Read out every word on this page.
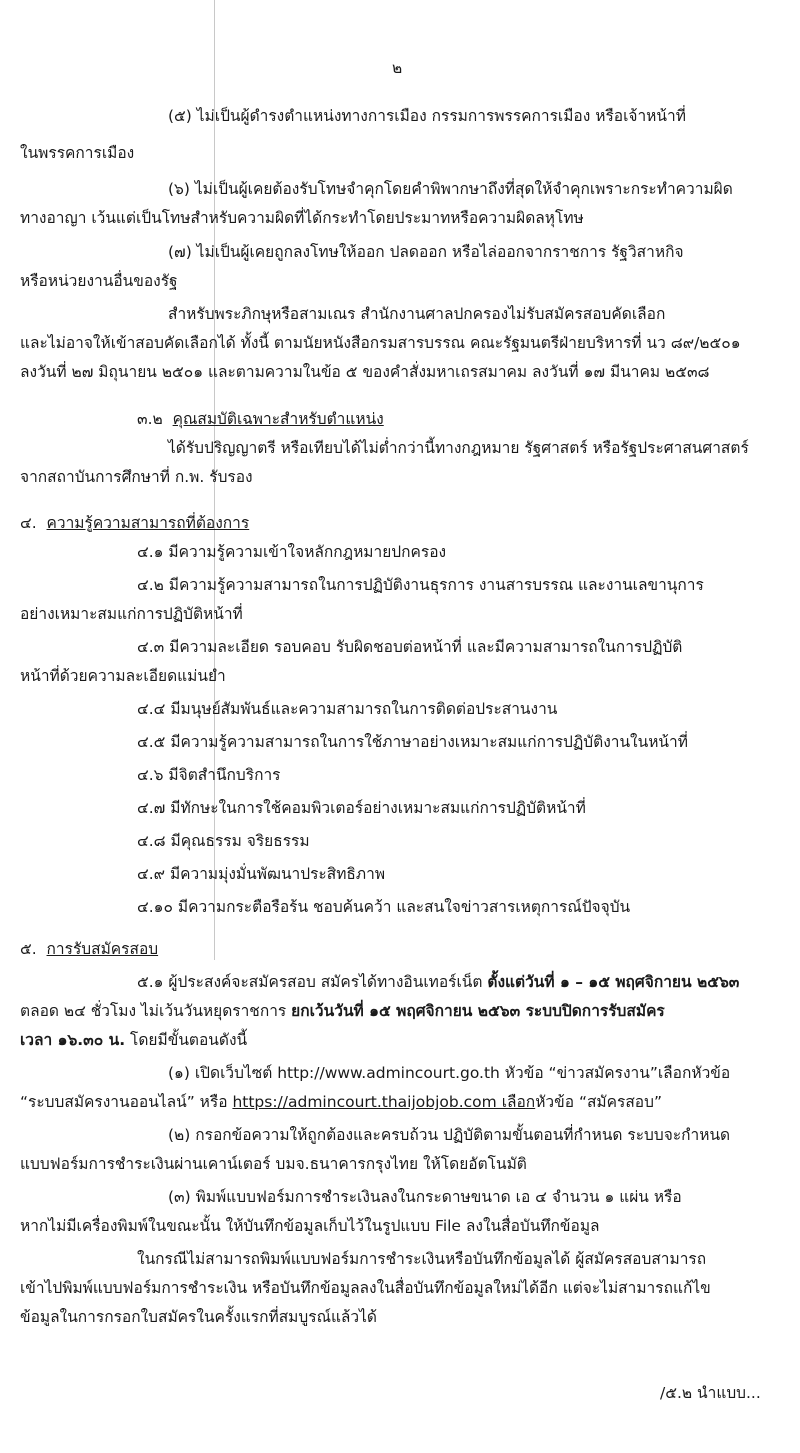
๒
(๕) ไม่เป็นผู้ดำรงตำแหน่งทางการเมือง กรรมการพรรคการเมือง หรือเจ้าหน้าที่
ในพรรคการเมือง
(๖) ไม่เป็นผู้เคยต้องรับโทษจำคุกโดยคำพิพากษาถึงที่สุดให้จำคุกเพราะกระทำความผิด
ทางอาญา เว้นแต่เป็นโทษสำหรับความผิดที่ได้กระทำโดยประมาทหรือความผิดลหุโทษ
(๗) ไม่เป็นผู้เคยถูกลงโทษให้ออก ปลดออก หรือไล่ออกจากราชการ รัฐวิสาหกิจ
หรือหน่วยงานอื่นของรัฐ
สำหรับพระภิกษุหรือสามเณร สำนักงานศาลปกครองไม่รับสมัครสอบคัดเลือก
และไม่อาจให้เข้าสอบคัดเลือกได้ ทั้งนี้ ตามนัยหนังสือกรมสารบรรณ คณะรัฐมนตรีฝ่ายบริหารที่ นว ๘๙/๒๕๐๑
ลงวันที่ ๒๗ มิถุนายน ๒๕๐๑ และตามความในข้อ ๕ ของคำสั่งมหาเถรสมาคม ลงวันที่ ๑๗ มีนาคม ๒๕๓๘
๓.๒ คุณสมบัติเฉพาะสำหรับตำแหน่ง
ได้รับปริญญาตรี หรือเทียบได้ไม่ต่ำกว่านี้ทางกฎหมาย รัฐศาสตร์ หรือรัฐประศาสนศาสตร์
จากสถาบันการศึกษาที่ ก.พ. รับรอง
๔. ความรู้ความสามารถที่ต้องการ
๔.๑ มีความรู้ความเข้าใจหลักกฎหมายปกครอง
๔.๒ มีความรู้ความสามารถในการปฏิบัติงานธุรการ งานสารบรรณ และงานเลขานุการ
อย่างเหมาะสมแก่การปฏิบัติหน้าที่
๔.๓ มีความละเอียด รอบคอบ รับผิดชอบต่อหน้าที่ และมีความสามารถในการปฏิบัติ
หน้าที่ด้วยความละเอียดแม่นยำ
๔.๔ มีมนุษย์สัมพันธ์และความสามารถในการติดต่อประสานงาน
๔.๕ มีความรู้ความสามารถในการใช้ภาษาอย่างเหมาะสมแก่การปฏิบัติงานในหน้าที่
๔.๖ มีจิตสำนึกบริการ
๔.๗ มีทักษะในการใช้คอมพิวเตอร์อย่างเหมาะสมแก่การปฏิบัติหน้าที่
๔.๘ มีคุณธรรม จริยธรรม
๔.๙ มีความมุ่งมั่นพัฒนาประสิทธิภาพ
๔.๑๐ มีความกระตือรือร้น ชอบค้นคว้า และสนใจข่าวสารเหตุการณ์ปัจจุบัน
๕. การรับสมัครสอบ
๕.๑ ผู้ประสงค์จะสมัครสอบ สมัครได้ทางอินเทอร์เน็ต ตั้งแต่วันที่ ๑ – ๑๕ พฤศจิกายน ๒๕๖๓
ตลอด ๒๔ ชั่วโมง ไม่เว้นวันหยุดราชการ ยกเว้นวันที่ ๑๕ พฤศจิกายน ๒๕๖๓ ระบบปิดการรับสมัคร
เวลา ๑๖.๓๐ น. โดยมีขั้นตอนดังนี้
(๑) เปิดเว็บไซต์ http://www.admincourt.go.th หัวข้อ “ข่าวสมัครงาน”เลือกหัวข้อ
“ระบบสมัครงานออนไลน์” หรือ https://admincourt.thaijobjob.com เลือกหัวข้อ “สมัครสอบ”
(๒) กรอกข้อความให้ถูกต้องและครบถ้วน ปฏิบัติตามขั้นตอนที่กำหนด ระบบจะกำหนด
แบบฟอร์มการชำระเงินผ่านเคาน์เตอร์ บมจ.ธนาคารกรุงไทย ให้โดยอัตโนมัติ
(๓) พิมพ์แบบฟอร์มการชำระเงินลงในกระดาษขนาด เอ ๔ จำนวน ๑ แผ่น หรือ
หากไม่มีเครื่องพิมพ์ในขณะนั้น ให้บันทึกข้อมูลเก็บไว้ในรูปแบบ File ลงในสื่อบันทึกข้อมูล
ในกรณีไม่สามารถพิมพ์แบบฟอร์มการชำระเงินหรือบันทึกข้อมูลได้ ผู้สมัครสอบสามารถ
เข้าไปพิมพ์แบบฟอร์มการชำระเงิน หรือบันทึกข้อมูลลงในสื่อบันทึกข้อมูลใหม่ได้อีก แต่จะไม่สามารถแก้ไข
ข้อมูลในการกรอกใบสมัครในครั้งแรกที่สมบูรณ์แล้วได้
/๕.๒ นำแบบ...
